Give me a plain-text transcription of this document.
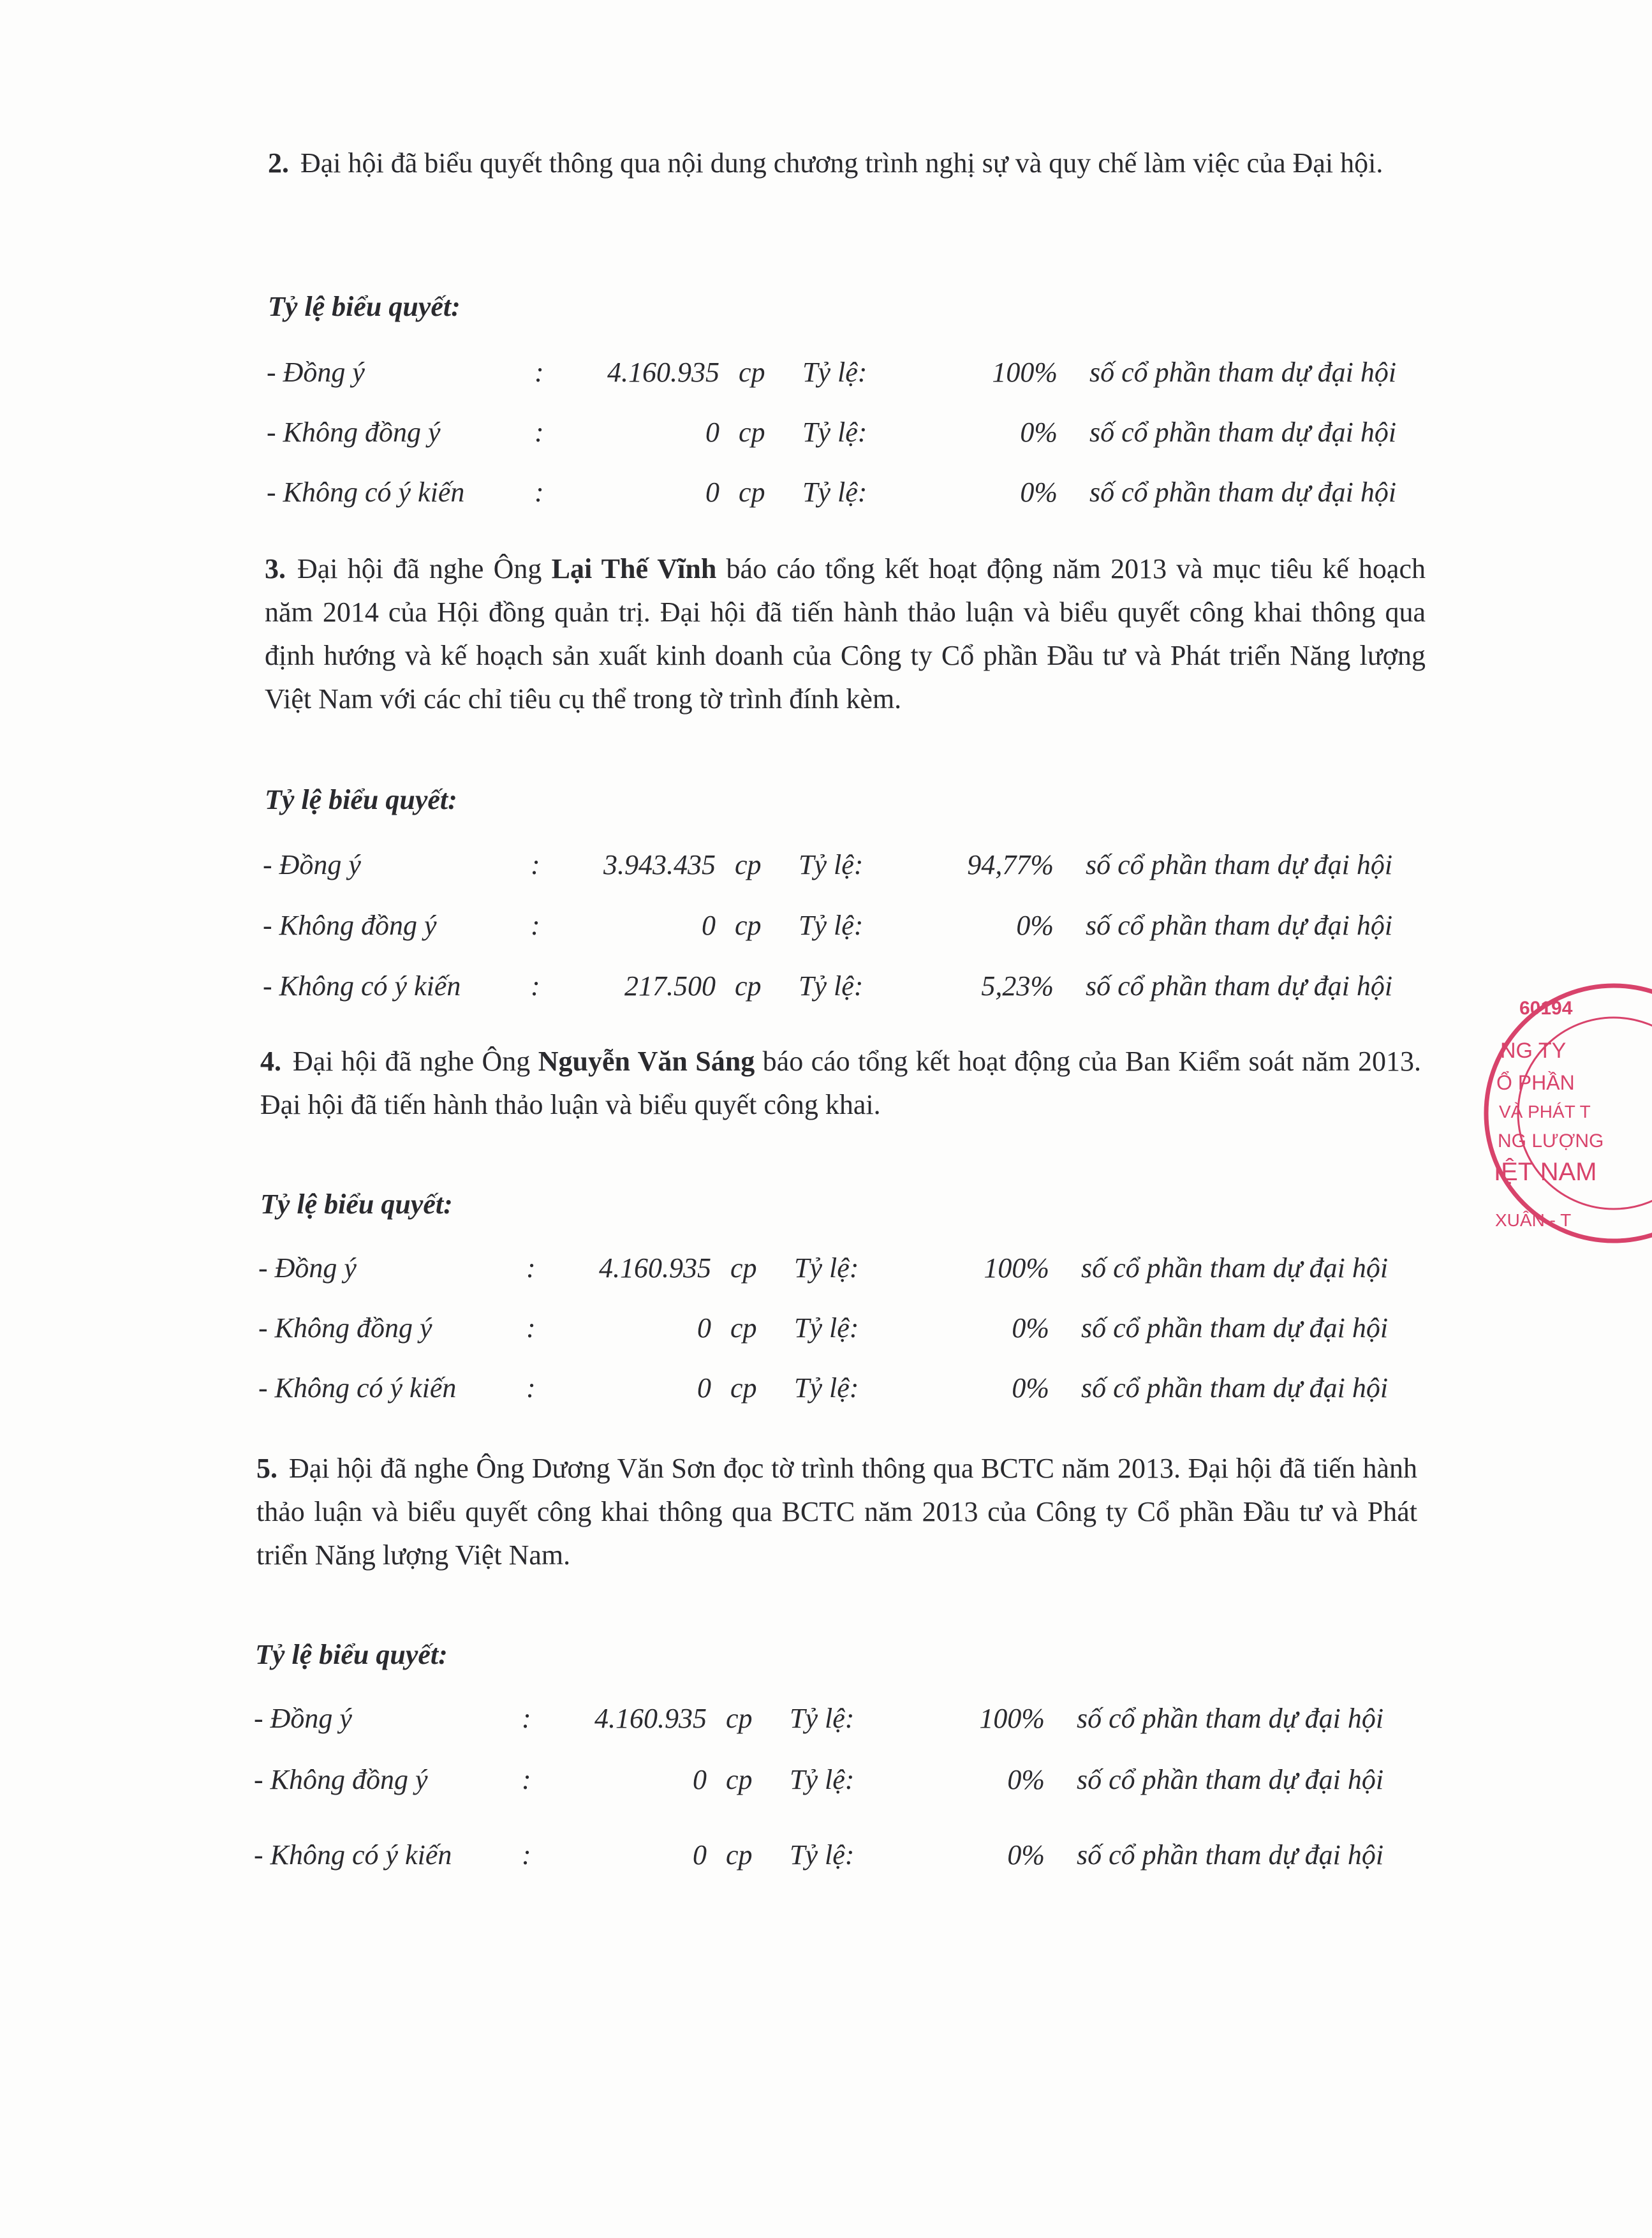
2. Đại hội đã biểu quyết thông qua nội dung chương trình nghị sự và quy chế làm việc của Đại hội.
Tỷ lệ biểu quyết:
- Đồng ý	:	4.160.935 cp Tỷ lệ:	100% số cổ phần tham dự đại hội
- Không đồng ý	:	0 cp Tỷ lệ:	0% số cổ phần tham dự đại hội
- Không có ý kiến :	0 cp Tỷ lệ:	0% số cổ phần tham dự đại hội
3. Đại hội đã nghe Ông Lại Thế Vĩnh báo cáo tổng kết hoạt động năm 2013 và mục tiêu kế hoạch năm 2014 của Hội đồng quản trị. Đại hội đã tiến hành thảo luận và biểu quyết công khai thông qua định hướng và kế hoạch sản xuất kinh doanh của Công ty Cổ phần Đầu tư và Phát triển Năng lượng Việt Nam với các chỉ tiêu cụ thể trong tờ trình đính kèm.
Tỷ lệ biểu quyết:
- Đồng ý	:	3.943.435 cp Tỷ lệ:	94,77% số cổ phần tham dự đại hội
- Không đồng ý	:	0 cp Tỷ lệ:	0% số cổ phần tham dự đại hội
- Không có ý kiến :	217.500 cp Tỷ lệ:	5,23% số cổ phần tham dự đại hội
4. Đại hội đã nghe Ông Nguyễn Văn Sáng báo cáo tổng kết hoạt động của Ban Kiểm soát năm 2013. Đại hội đã tiến hành thảo luận và biểu quyết công khai.
Tỷ lệ biểu quyết:
- Đồng ý	:	4.160.935 cp Tỷ lệ:	100% số cổ phần tham dự đại hội
- Không đồng ý	:	0 cp Tỷ lệ:	0% số cổ phần tham dự đại hội
- Không có ý kiến :	0 cp Tỷ lệ:	0% số cổ phần tham dự đại hội
5. Đại hội đã nghe Ông Dương Văn Sơn đọc tờ trình thông qua BCTC năm 2013. Đại hội đã tiến hành thảo luận và biểu quyết công khai thông qua BCTC năm 2013 của Công ty Cổ phần Đầu tư và Phát triển Năng lượng Việt Nam.
Tỷ lệ biểu quyết:
- Đồng ý	:	4.160.935 cp Tỷ lệ:	100% số cổ phần tham dự đại hội
- Không đồng ý	:	0 cp Tỷ lệ:	0% số cổ phần tham dự đại hội
- Không có ý kiến :	0 cp Tỷ lệ:	0% số cổ phần tham dự đại hội
60194
NG TY
Ổ PHẦN
VÀ PHÁT T
NG LƯỢNG
IỆT NAM
XUÂN - T
